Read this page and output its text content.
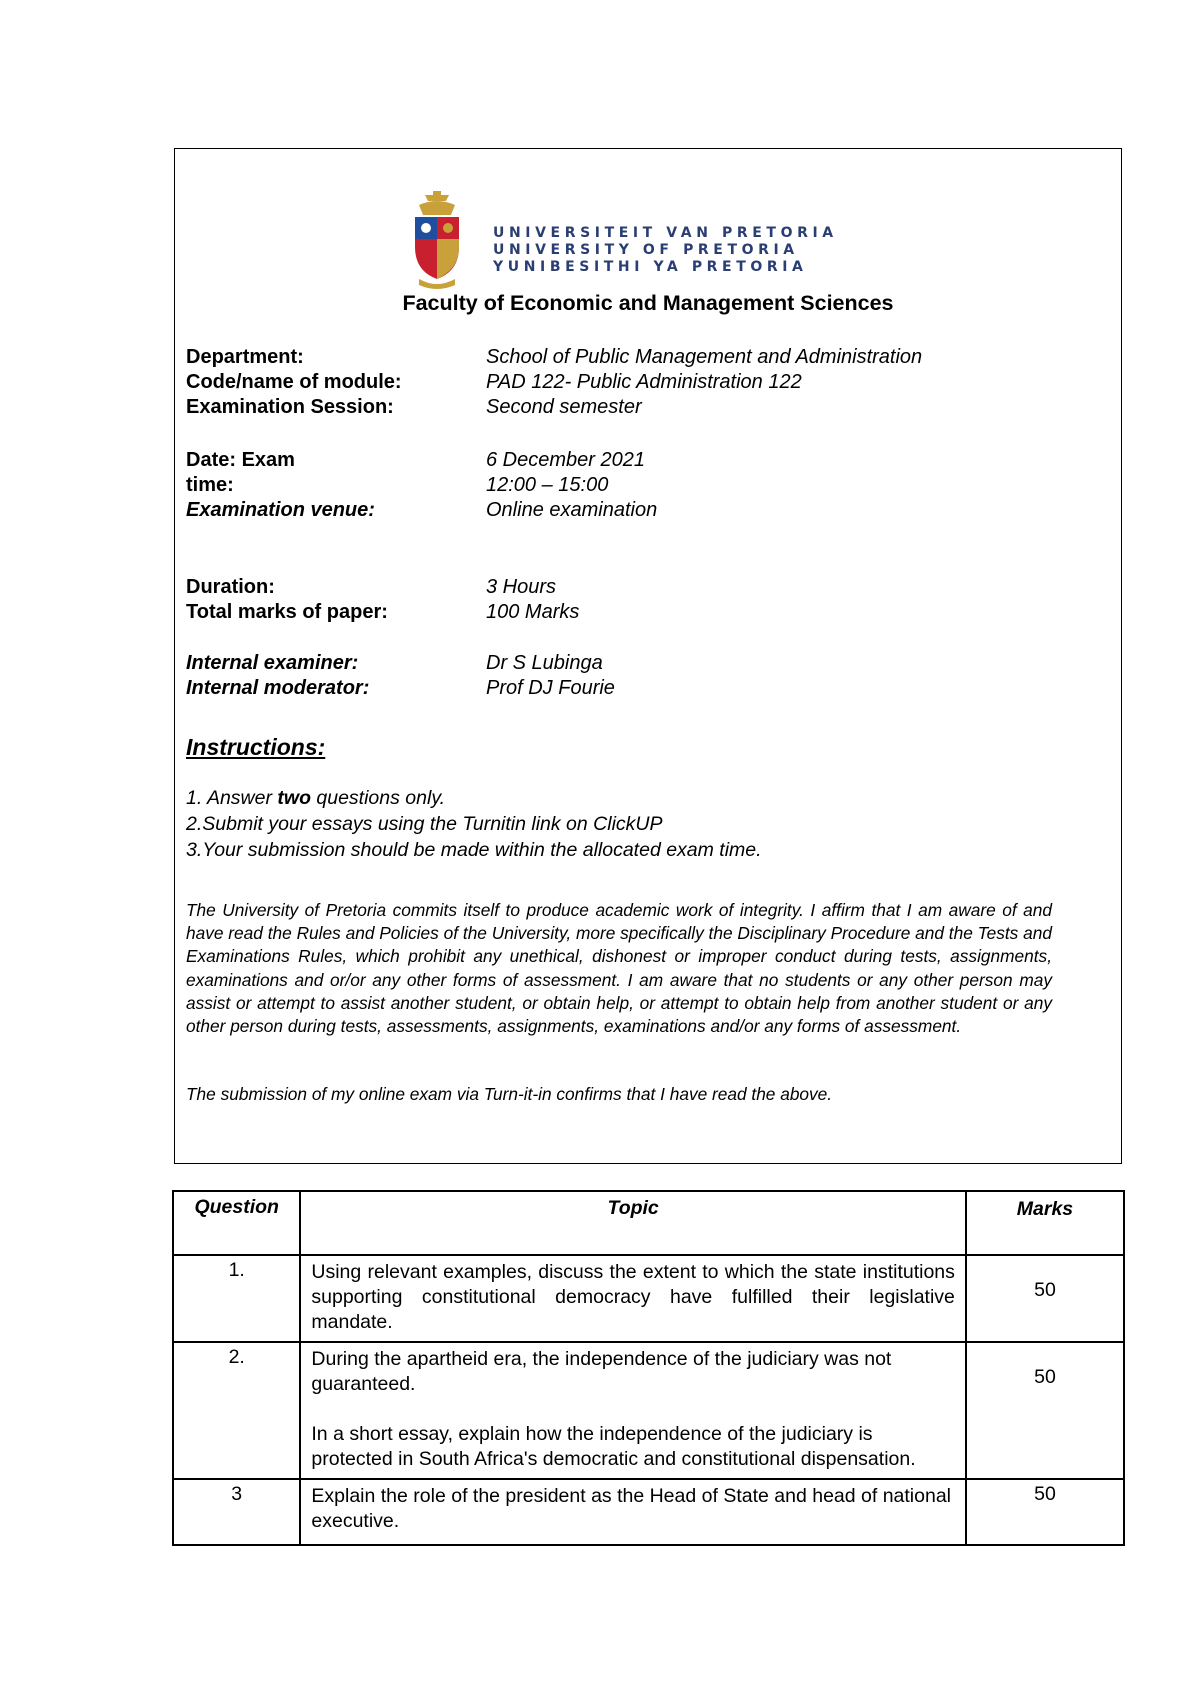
UNIVERSITEIT VAN PRETORIA
UNIVERSITY OF PRETORIA
YUNIBESITHI YA PRETORIA
Faculty of Economic and Management Sciences
Department:	School of Public Management and Administration
Code/name of module:	PAD 122- Public Administration 122
Examination Session:	Second semester
Date: Exam	6 December 2021
time:	12:00 – 15:00
Examination venue:	Online examination
Duration:	3 Hours
Total marks of paper:	100 Marks
Internal examiner:	Dr S Lubinga
Internal moderator:	Prof DJ Fourie
Instructions:
1. Answer two questions only.
2.Submit your essays using the Turnitin link on ClickUP
3.Your submission should be made within the allocated exam time.
The University of Pretoria commits itself to produce academic work of integrity. I affirm that I am aware of and have read the Rules and Policies of the University, more specifically the Disciplinary Procedure and the Tests and Examinations Rules, which prohibit any unethical, dishonest or improper conduct during tests, assignments, examinations and or/or any other forms of assessment. I am aware that no students or any other person may assist or attempt to assist another student, or obtain help, or attempt to obtain help from another student or any other person during tests, assessments, assignments, examinations and/or any forms of assessment.
The submission of my online exam via Turn-it-in confirms that I have read the above.
Question	Topic	Marks

1.	Using relevant examples, discuss the extent to which the state institutions supporting constitutional democracy have fulfilled their legislative mandate.	50

2.	During the apartheid era, the independence of the judiciary was not guaranteed.
In a short essay, explain how the independence of the judiciary is protected in South Africa's democratic and constitutional dispensation.	50

3	Explain the role of the president as the Head of State and head of national executive.	50
